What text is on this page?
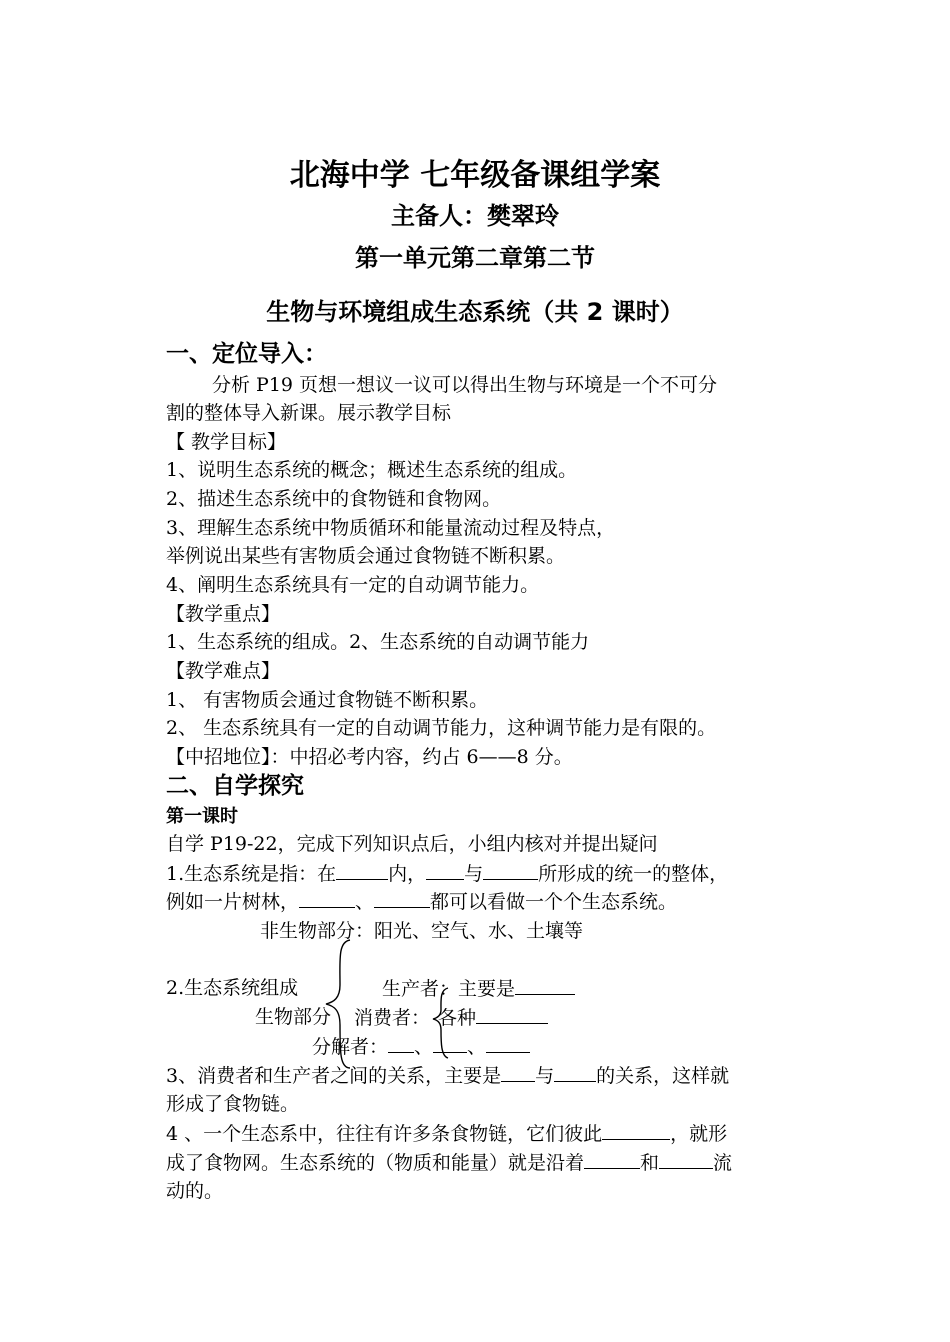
北海中学 七年级备课组学案
主备人：樊翠玲
第一单元第二章第二节
生物与环境组成生态系统（共 2 课时）
一、定位导入：
分析 P19 页想一想议一议可以得出生物与环境是一个不可分
割的整体导入新课。展示教学目标
【 教学目标】
1、说明生态系统的概念；概述生态系统的组成。
2、描述生态系统中的食物链和食物网。
3、理解生态系统中物质循环和能量流动过程及特点，
举例说出某些有害物质会通过食物链不断积累。
4、阐明生态系统具有一定的自动调节能力。
【教学重点】
1、生态系统的组成。2、生态系统的自动调节能力
【教学难点】
1、 有害物质会通过食物链不断积累。
2、 生态系统具有一定的自动调节能力，这种调节能力是有限的。
【中招地位】：中招必考内容，约占 6——8 分。
二、自学探究
第一课时
自学 P19-22，完成下列知识点后，小组内核对并提出疑问
1.生态系统是指：在	内， 与	所形成的统一的整体，
例如一片树林，	、	都可以看做一个个生态系统。
非生物部分：阳光、空气、水、土壤等
2.生态系统组成	生产者：主要是
生物部分 消费者： 各种
分解者： 、 、
3、消费者和生产者之间的关系，主要是 与 的关系，这样就
形成了食物链。
4 、一个生态系中，往往有许多条食物链，它们彼此	，就形
成了食物网。生态系统的（物质和能量）就是沿着	和	流
动的。
